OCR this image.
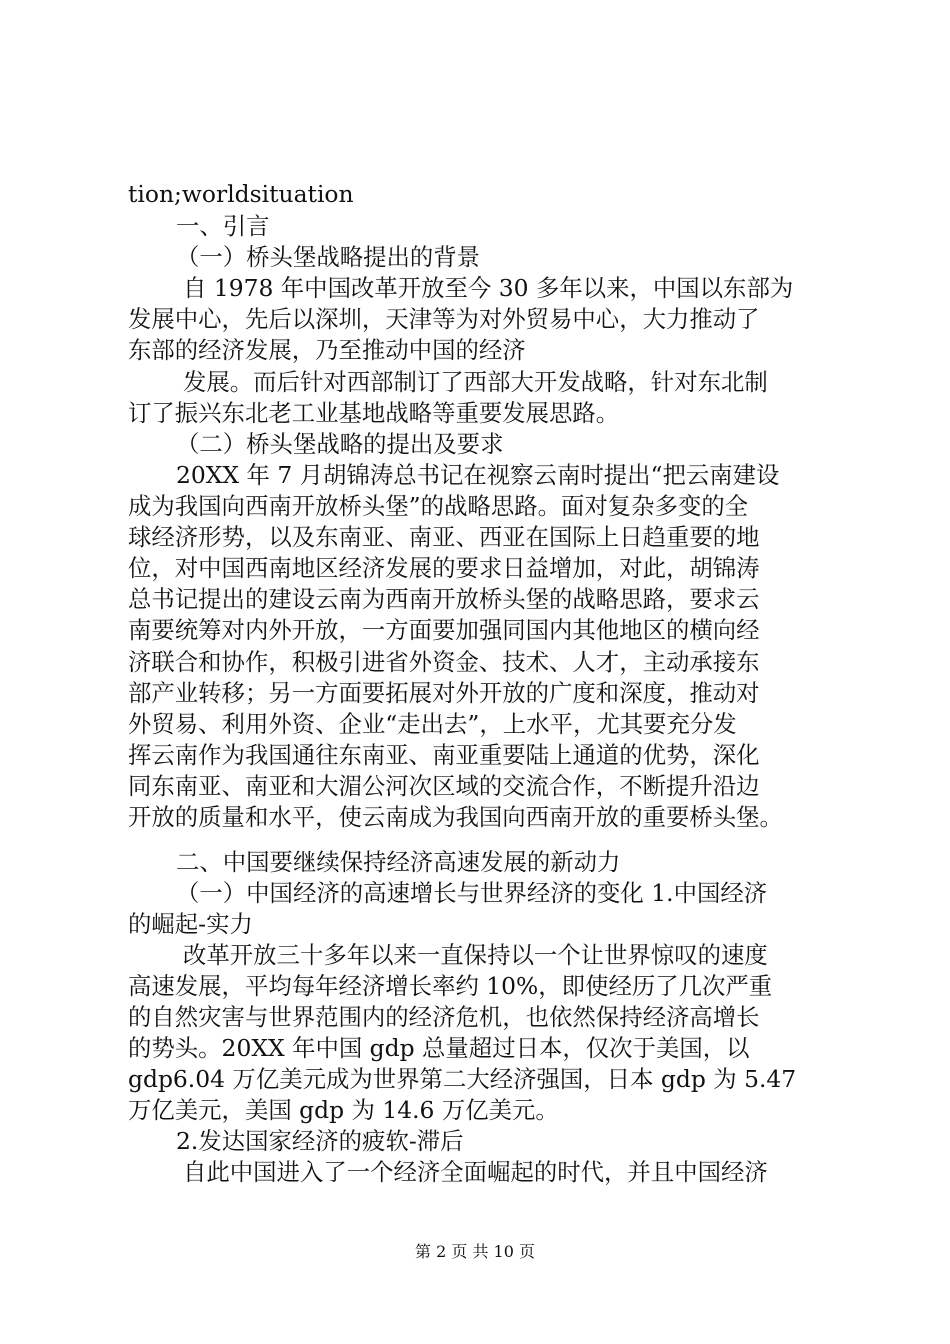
tion;worldsituation
一、引言
（一）桥头堡战略提出的背景
自 1978 年中国改革开放至今 30 多年以来，中国以东部为
发展中心，先后以深圳，天津等为对外贸易中心，大力推动了
东部的经济发展，乃至推动中国的经济
发展。而后针对西部制订了西部大开发战略，针对东北制
订了振兴东北老工业基地战略等重要发展思路。
（二）桥头堡战略的提出及要求
20XX 年 7 月胡锦涛总书记在视察云南时提出“把云南建设
成为我国向西南开放桥头堡”的战略思路。面对复杂多变的全
球经济形势，以及东南亚、南亚、西亚在国际上日趋重要的地
位，对中国西南地区经济发展的要求日益增加，对此，胡锦涛
总书记提出的建设云南为西南开放桥头堡的战略思路，要求云
南要统筹对内外开放，一方面要加强同国内其他地区的横向经
济联合和协作，积极引进省外资金、技术、人才，主动承接东
部产业转移；另一方面要拓展对外开放的广度和深度，推动对
外贸易、利用外资、企业“走出去”，上水平，尤其要充分发
挥云南作为我国通往东南亚、南亚重要陆上通道的优势，深化
同东南亚、南亚和大湄公河次区域的交流合作，不断提升沿边
开放的质量和水平，使云南成为我国向西南开放的重要桥头堡。
二、中国要继续保持经济高速发展的新动力
（一）中国经济的高速增长与世界经济的变化 1.中国经济
的崛起-实力
改革开放三十多年以来一直保持以一个让世界惊叹的速度
高速发展，平均每年经济增长率约 10%，即使经历了几次严重
的自然灾害与世界范围内的经济危机，也依然保持经济高增长
的势头。20XX 年中国 gdp 总量超过日本，仅次于美国，以
gdp6.04 万亿美元成为世界第二大经济强国，日本 gdp 为 5.47
万亿美元，美国 gdp 为 14.6 万亿美元。
2.发达国家经济的疲软-滞后
自此中国进入了一个经济全面崛起的时代，并且中国经济
第 2 页 共 10 页
